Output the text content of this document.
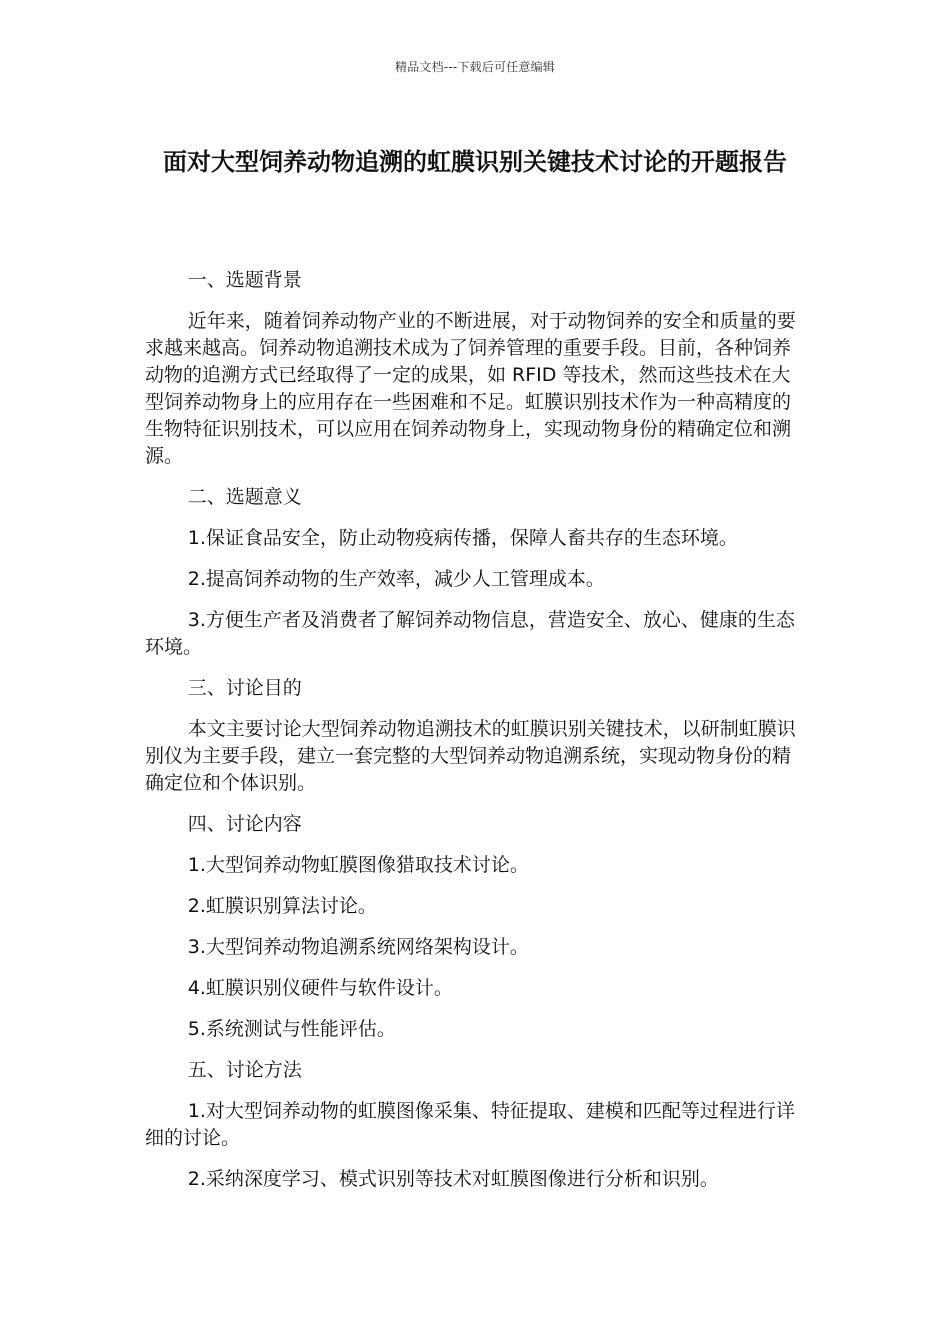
精品文档---下载后可任意编辑
面对大型饲养动物追溯的虹膜识别关键技术讨论的开题报告

一、选题背景

近年来，随着饲养动物产业的不断进展，对于动物饲养的安全和质量的要求越来越高。饲养动物追溯技术成为了饲养管理的重要手段。目前，各种饲养动物的追溯方式已经取得了一定的成果，如 RFID 等技术，然而这些技术在大型饲养动物身上的应用存在一些困难和不足。虹膜识别技术作为一种高精度的生物特征识别技术，可以应用在饲养动物身上，实现动物身份的精确定位和溯源。

二、选题意义

1.保证食品安全，防止动物疫病传播，保障人畜共存的生态环境。

2.提高饲养动物的生产效率，减少人工管理成本。

3.方便生产者及消费者了解饲养动物信息，营造安全、放心、健康的生态环境。

三、讨论目的

本文主要讨论大型饲养动物追溯技术的虹膜识别关键技术，以研制虹膜识别仪为主要手段，建立一套完整的大型饲养动物追溯系统，实现动物身份的精确定位和个体识别。

四、讨论内容

1.大型饲养动物虹膜图像猎取技术讨论。

2.虹膜识别算法讨论。

3.大型饲养动物追溯系统网络架构设计。

4.虹膜识别仪硬件与软件设计。

5.系统测试与性能评估。

五、讨论方法

1.对大型饲养动物的虹膜图像采集、特征提取、建模和匹配等过程进行详细的讨论。

2.采纳深度学习、模式识别等技术对虹膜图像进行分析和识别。
